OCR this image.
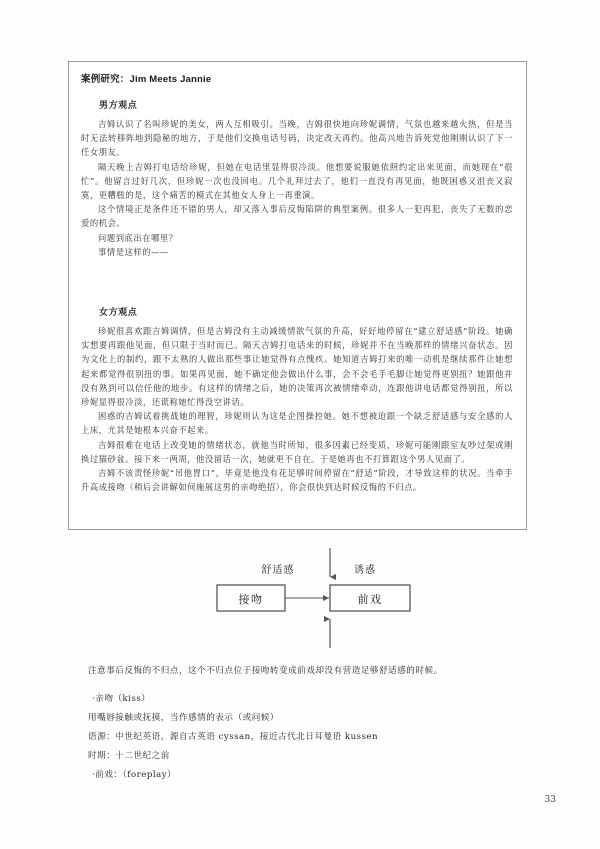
案例研究：Jim Meets Jannie
男方观点

吉姆认识了名叫珍妮的美女，两人互相吸引。当晚，吉姆很快地向珍妮调情，气氛也越来越火热，但是当时无法转移阵地到隐秘的地方，于是他们交换电话号码，决定改天再约。他高兴地告诉死党他刚刚认识了下一任女朋友。

隔天晚上吉姆打电话给珍妮，但她在电话里显得很冷淡。他想要说服她依照约定出来见面，而她现在“很忙”。他留言过好几次，但珍妮一次也没回电。几个礼拜过去了，他们一直没有再见面，他既困惑又沮丧又寂寞，更糟糕的是，这个痛苦的模式在其他女人身上一再重演。

这个情境正是条件还不错的男人，却又落入事后反悔陷阱的典型案例。很多人一犯再犯，丧失了无数的恋爱的机会。

问题到底出在哪里？

事情是这样的——

女方观点

珍妮很喜欢跟吉姆调情，但是吉姆没有主动减缓情欲气氛的升高，好好地停留在“建立舒适感”阶段。她确实想要再跟他见面，但只限于当时而已。隔天吉姆打电话来的时候，珍妮并不在当晚那样的情绪兴奋状态。因为文化上的制约，跟不太熟的人做出那些事让她觉得有点愧疚。她知道吉姆打来的唯一动机是继续那件让她想起来都觉得很别扭的事。如果再见面，她不确定他会做出什么事，会不会毛手毛脚让她觉得更别扭？她跟他并没有熟到可以信任他的地步。有这样的情绪之后，她的决策再次被情绪牵动，连跟他讲电话都觉得别扭，所以珍妮显得很冷淡，还谎称她忙得没空讲话。

困惑的吉姆试着挑战她的理智，珍妮则认为这是企图操控她。她不想被迫跟一个缺乏舒适感与安全感的人上床，尤其是她根本兴奋不起来。

吉姆很难在电话上改变她的情绪状态，就他当时所知，很多因素已经变质，珍妮可能刚跟室友吵过架或刚换过猫砂盆。接下来一两周，他没留话一次，她就更不自在。于是她再也不打算跟这个男人见面了。

吉姆不该责怪珍妮“吊他胃口”，毕竟是他没有花足够时间停留在“舒适”阶段，才导致这样的状况。当牵手升高成接吻（稍后会讲解如何施展这男的亲吻绝招），你会很快到达时候反悔的不归点。

舒适感	诱惑
接吻	前戏

注意事后反悔的不归点，这个不归点位于接吻转变成前戏却没有营造足够舒适感的时候。

·亲吻（kiss）

用嘴唇接触或抚摸，当作感情的表示（或问候）

语源：中世纪英语，源自古英语 cyssan，接近古代北日耳曼语 kussen

时期：十二世纪之前

·前戏：（foreplay）

33
